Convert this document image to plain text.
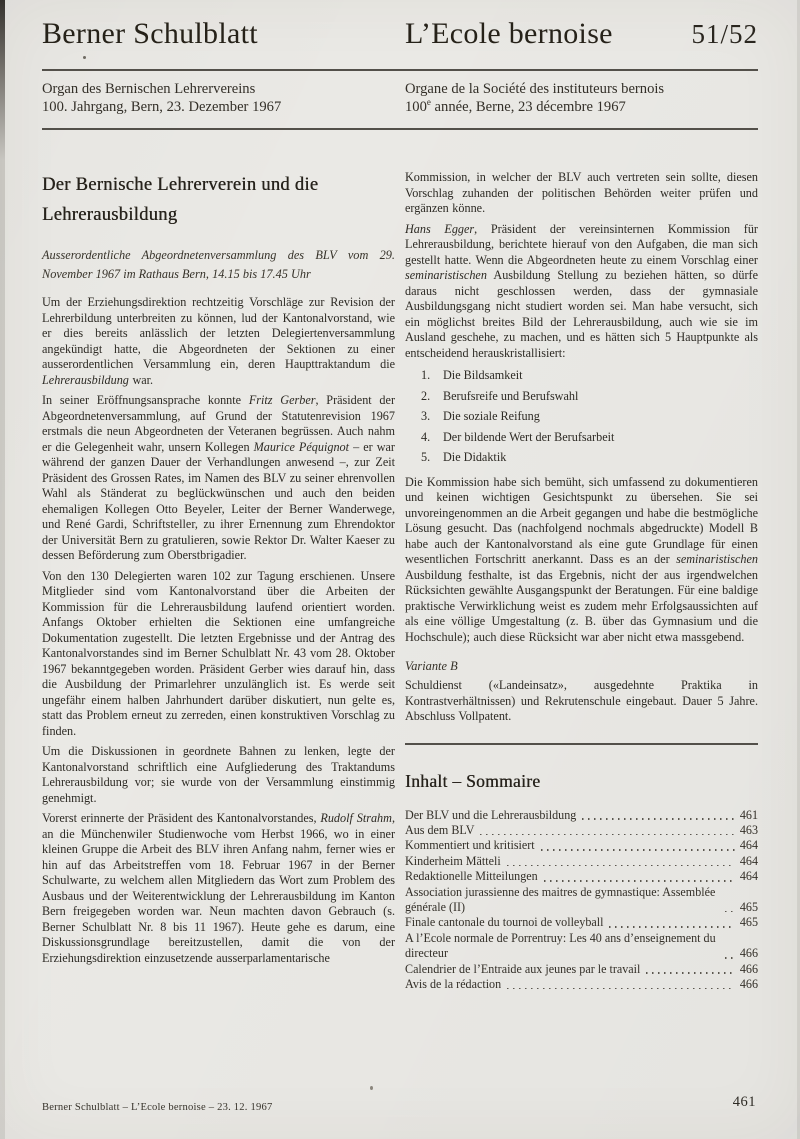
Berner Schulblatt	L’Ecole bernoise	51/52
Organ des Bernischen Lehrervereins
100. Jahrgang, Bern, 23. Dezember 1967
Organe de la Société des instituteurs bernois
100e année, Berne, 23 décembre 1967
Der Bernische Lehrerverein und die Lehrerausbildung

Ausserordentliche Abgeordnetenversammlung des BLV vom 29. November 1967 im Rathaus Bern, 14.15 bis 17.45 Uhr

Um der Erziehungsdirektion rechtzeitig Vorschläge zur Revision der Lehrerbildung unterbreiten zu können, lud der Kantonalvorstand, wie er dies bereits anlässlich der letzten Delegiertenversammlung angekündigt hatte, die Abgeordneten der Sektionen zu einer ausserordentlichen Versammlung ein, deren Haupttraktandum die Lehrerausbildung war.

In seiner Eröffnungsansprache konnte Fritz Gerber, Präsident der Abgeordnetenversammlung, auf Grund der Statutenrevision 1967 erstmals die neun Abgeordneten der Veteranen begrüssen. Auch nahm er die Gelegenheit wahr, unsern Kollegen Maurice Péquignot – er war während der ganzen Dauer der Verhandlungen anwesend –, zur Zeit Präsident des Grossen Rates, im Namen des BLV zu seiner ehrenvollen Wahl als Ständerat zu beglückwünschen und auch den beiden ehemaligen Kollegen Otto Beyeler, Leiter der Berner Wanderwege, und René Gardi, Schriftsteller, zu ihrer Ernennung zum Ehrendoktor der Universität Bern zu gratulieren, sowie Rektor Dr. Walter Kaeser zu dessen Beförderung zum Oberstbrigadier.

Von den 130 Delegierten waren 102 zur Tagung erschienen. Unsere Mitglieder sind vom Kantonalvorstand über die Arbeiten der Kommission für die Lehrerausbildung laufend orientiert worden. Anfangs Oktober erhielten die Sektionen eine umfangreiche Dokumentation zugestellt. Die letzten Ergebnisse und der Antrag des Kantonalvorstandes sind im Berner Schulblatt Nr. 43 vom 28. Oktober 1967 bekanntgegeben worden. Präsident Gerber wies darauf hin, dass die Ausbildung der Primarlehrer unzulänglich ist. Es werde seit ungefähr einem halben Jahrhundert darüber diskutiert, nun gelte es, statt das Problem erneut zu zerreden, einen konstruktiven Vorschlag zu finden.

Um die Diskussionen in geordnete Bahnen zu lenken, legte der Kantonalvorstand schriftlich eine Aufgliederung des Traktandums Lehrerausbildung vor; sie wurde von der Versammlung einstimmig genehmigt.

Vorerst erinnerte der Präsident des Kantonalvorstandes, Rudolf Strahm, an die Münchenwiler Studienwoche vom Herbst 1966, wo in einer kleinen Gruppe die Arbeit des BLV ihren Anfang nahm, ferner wies er hin auf das Arbeitstreffen vom 18. Februar 1967 in der Berner Schulwarte, zu welchem allen Mitgliedern das Wort zum Problem des Ausbaus und der Weiterentwicklung der Lehrerausbildung im Kanton Bern freigegeben worden war. Neun machten davon Gebrauch (s. Berner Schulblatt Nr. 8 bis 11 1967). Heute gehe es darum, eine Diskussionsgrundlage bereitzustellen, damit die von der Erziehungsdirektion einzusetzende ausserparlamentarische

Kommission, in welcher der BLV auch vertreten sein sollte, diesen Vorschlag zuhanden der politischen Behörden weiter prüfen und ergänzen könne.

Hans Egger, Präsident der vereinsinternen Kommission für Lehrerausbildung, berichtete hierauf von den Aufgaben, die man sich gestellt hatte. Wenn die Abgeordneten heute zu einem Vorschlag einer seminaristischen Ausbildung Stellung zu beziehen hätten, so dürfe daraus nicht geschlossen werden, dass der gymnasiale Ausbildungsgang nicht studiert worden sei. Man habe versucht, sich ein möglichst breites Bild der Lehrerausbildung, auch wie sie im Ausland geschehe, zu machen, und es hätten sich 5 Hauptpunkte als entscheidend herauskristallisiert:

1.	Die Bildsamkeit
2.	Berufsreife und Berufswahl
3.	Die soziale Reifung
4.	Der bildende Wert der Berufsarbeit
5.	Die Didaktik

Die Kommission habe sich bemüht, sich umfassend zu dokumentieren und keinen wichtigen Gesichtspunkt zu übersehen. Sie sei unvoreingenommen an die Arbeit gegangen und habe die bestmögliche Lösung gesucht. Das (nachfolgend nochmals abgedruckte) Modell B habe auch der Kantonalvorstand als eine gute Grundlage für einen wesentlichen Fortschritt anerkannt. Dass es an der seminaristischen Ausbildung festhalte, ist das Ergebnis, nicht der aus irgendwelchen Rücksichten gewählte Ausgangspunkt der Beratungen. Für eine baldige praktische Verwirklichung weist es zudem mehr Erfolgsaussichten auf als eine völlige Umgestaltung (z. B. über das Gymnasium und die Hochschule); auch diese Rücksicht war aber nicht etwa massgebend.

Variante B

Schuldienst («Landeinsatz», ausgedehnte Praktika in Kontrastverhältnissen) und Rekrutenschule eingebaut. Dauer 5 Jahre. Abschluss Vollpatent.

Inhalt – Sommaire
Der BLV und die Lehrerausbildung	461
Aus dem BLV	463
Kommentiert und kritisiert	464
Kinderheim Mätteli	464
Redaktionelle Mitteilungen	464
Association jurassienne des maitres de gymnastique: Assemblée générale (II)	465
Finale cantonale du tournoi de volleyball	465
A l’Ecole normale de Porrentruy: Les 40 ans d’enseignement du directeur	466
Calendrier de l’Entraide aux jeunes par le travail	466
Avis de la rédaction	466
Berner Schulblatt – L’Ecole bernoise – 23. 12. 1967	461
